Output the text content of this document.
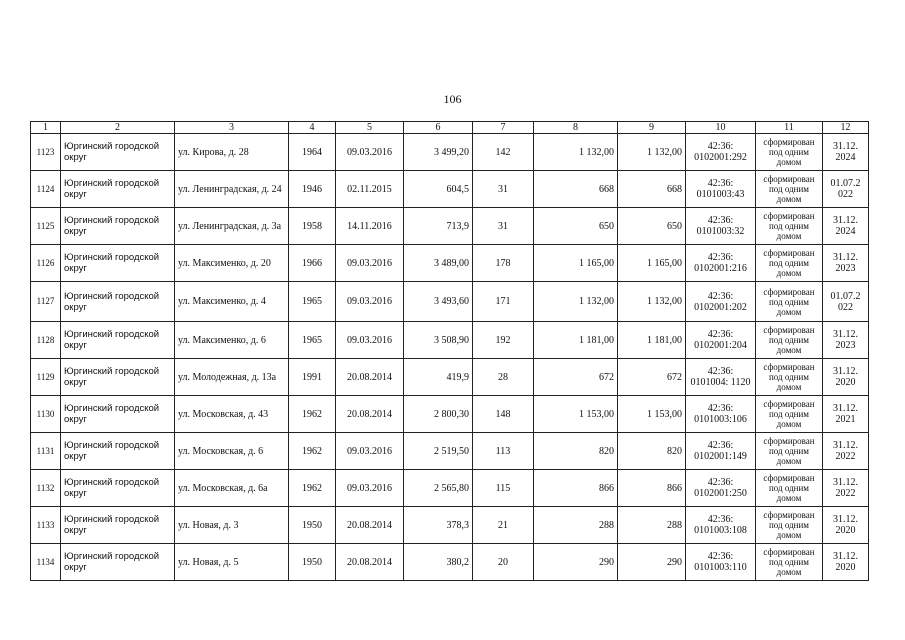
106
1	2	3	4	5	6	7	8	9	10	11	12
1123	Юргинский городской округ	ул. Кирова, д. 28	1964	09.03.2016	3 499,20	142	1 132,00	1 132,00	42:36: 0102001:292	сформирован под одним домом	31.12. 2024
1124	Юргинский городской округ	ул. Ленинградская, д. 24	1946	02.11.2015	604,5	31	668	668	42:36: 0101003:43	сформирован под одним домом	01.07.2 022
1125	Юргинский городской округ	ул. Ленинградская, д. 3а	1958	14.11.2016	713,9	31	650	650	42:36: 0101003:32	сформирован под одним домом	31.12. 2024
1126	Юргинский городской округ	ул. Максименко, д. 20	1966	09.03.2016	3 489,00	178	1 165,00	1 165,00	42:36: 0102001:216	сформирован под одним домом	31.12. 2023
1127	Юргинский городской округ	ул. Максименко, д. 4	1965	09.03.2016	3 493,60	171	1 132,00	1 132,00	42:36: 0102001:202	сформирован под одним домом	01.07.2 022
1128	Юргинский городской округ	ул. Максименко, д. 6	1965	09.03.2016	3 508,90	192	1 181,00	1 181,00	42:36: 0102001:204	сформирован под одним домом	31.12. 2023
1129	Юргинский городской округ	ул. Молодежная, д. 13а	1991	20.08.2014	419,9	28	672	672	42:36: 0101004: 1120	сформирован под одним домом	31.12. 2020
1130	Юргинский городской округ	ул. Московская, д. 43	1962	20.08.2014	2 800,30	148	1 153,00	1 153,00	42:36: 0101003:106	сформирован под одним домом	31.12. 2021
1131	Юргинский городской округ	ул. Московская, д. 6	1962	09.03.2016	2 519,50	113	820	820	42:36: 0102001:149	сформирован под одним домом	31.12. 2022
1132	Юргинский городской округ	ул. Московская, д. 6а	1962	09.03.2016	2 565,80	115	866	866	42:36: 0102001:250	сформирован под одним домом	31.12. 2022
1133	Юргинский городской округ	ул. Новая, д. 3	1950	20.08.2014	378,3	21	288	288	42:36: 0101003:108	сформирован под одним домом	31.12. 2020
1134	Юргинский городской округ	ул. Новая, д. 5	1950	20.08.2014	380,2	20	290	290	42:36: 0101003:110	сформирован под одним домом	31.12. 2020
